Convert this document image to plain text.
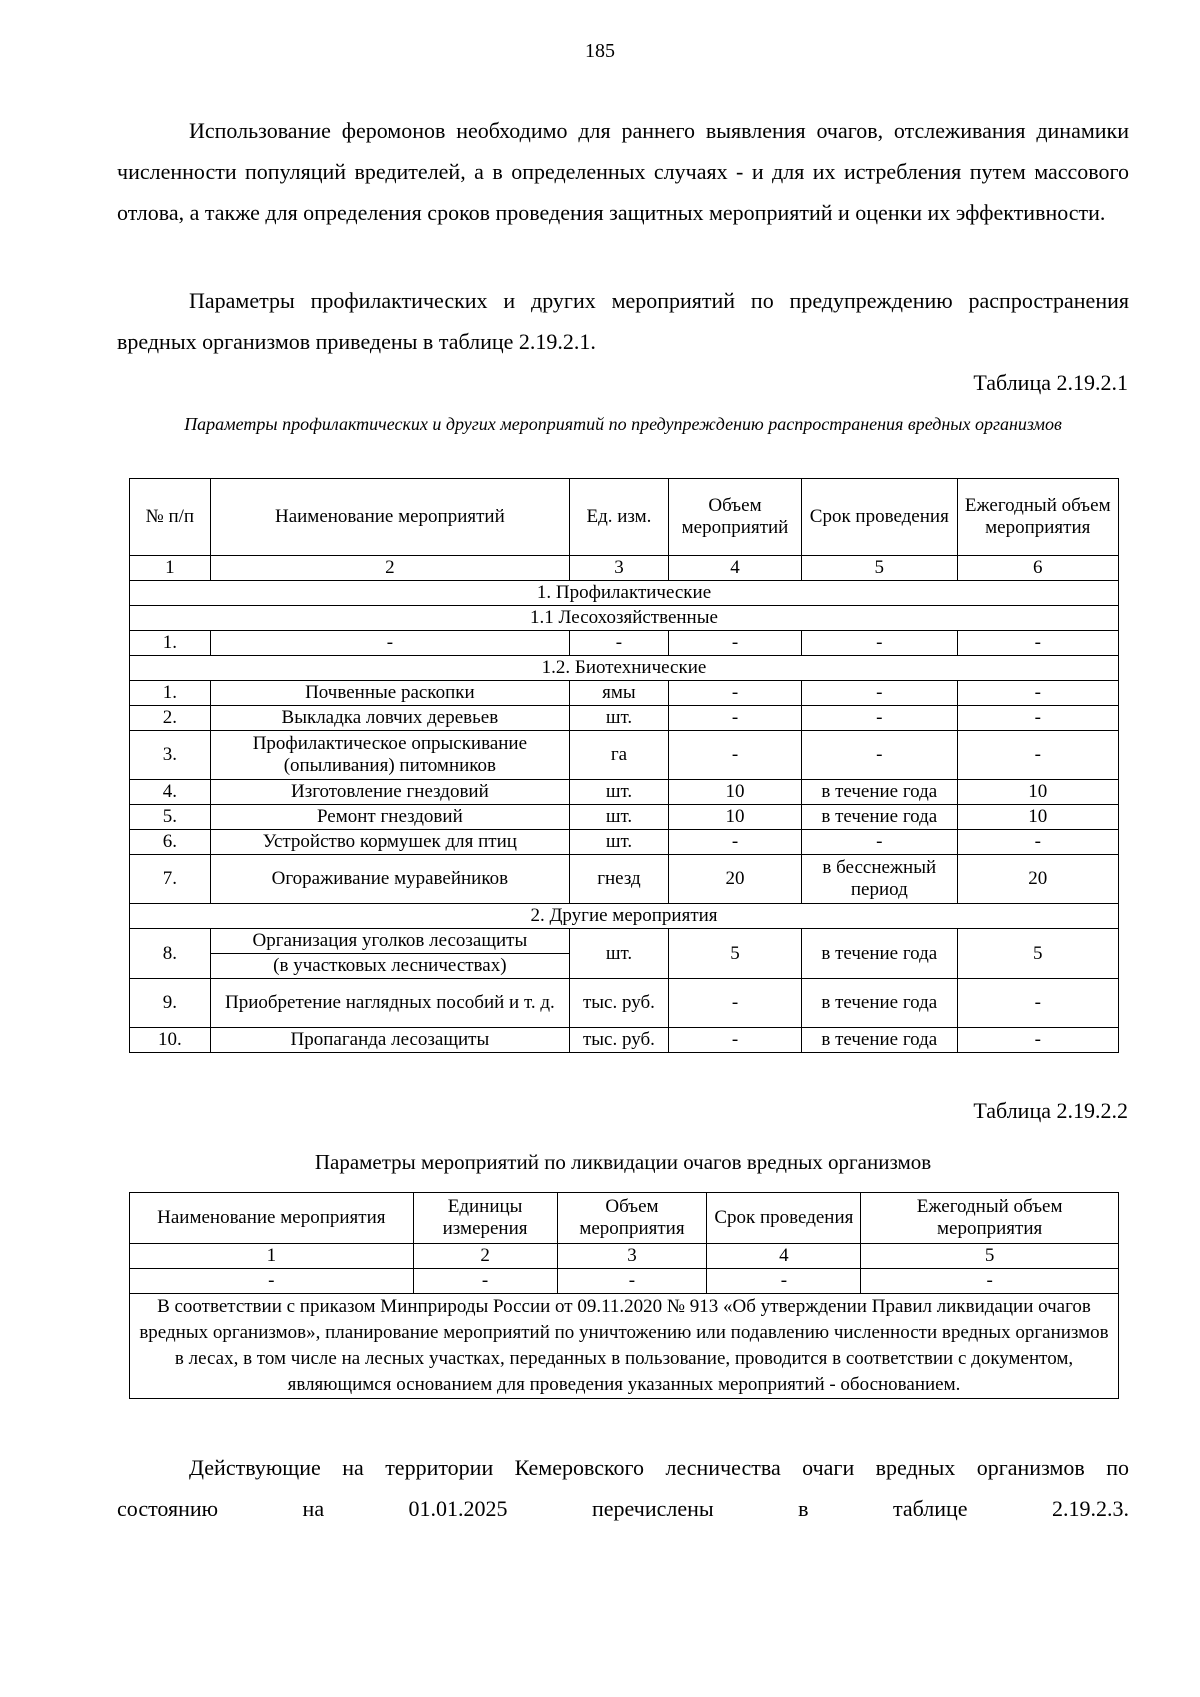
185
Использование феромонов необходимо для раннего выявления очагов, отслеживания динамики численности популяций вредителей, а в определенных случаях - и для их истребления путем массового отлова, а также для определения сроков проведения защитных мероприятий и оценки их эффективности.
Параметры профилактических и других мероприятий по предупреждению распространения вредных организмов приведены в таблице 2.19.2.1.
Таблица 2.19.2.1
Параметры профилактических и других мероприятий по предупреждению распространения вредных организмов
№ п/п	Наименование мероприятий	Ед. изм.	Объем мероприятий	Срок проведения	Ежегодный объем мероприятия
1	2	3	4	5	6
1. Профилактические					
1.1 Лесохозяйственные					
1.	-	-	-	-	-
1.2. Биотехнические					
1.	Почвенные раскопки	ямы	-	-	-
2.	Выкладка ловчих деревьев	шт.	-	-	-
3.	Профилактическое опрыскивание (опыливания) питомников	га	-	-	-
4.	Изготовление гнездовий	шт.	10	в течение года	10
5.	Ремонт гнездовий	шт.	10	в течение года	10
6.	Устройство кормушек для птиц	шт.	-	-	-
7.	Огораживание муравейников	гнезд	20	в бесснежный период	20
2. Другие мероприятия					
8.	Организация уголков лесозащиты	шт.	5	в течение года	5
	(в участковых лесничествах)				
9.	Приобретение наглядных пособий и т. д.	тыс. руб.	-	в течение года	-
10.	Пропаганда лесозащиты	тыс. руб.	-	в течение года	-
Таблица 2.19.2.2
Параметры мероприятий по ликвидации очагов вредных организмов
Наименование мероприятия	Единицы измерения	Объем мероприятия	Срок проведения	Ежегодный объем мероприятия
1	2	3	4	5
-	-	-	-	-
В соответствии с приказом Минприроды России от 09.11.2020 № 913 «Об утверждении Правил ликвидации очагов вредных организмов», планирование мероприятий по уничтожению или подавлению численности вредных организмов в лесах, в том числе на лесных участках, переданных в пользование, проводится в соответствии с документом, являющимся основанием для проведения указанных мероприятий - обоснованием.				
Действующие на территории Кемеровского лесничества очаги вредных организмов по
состоянию на 01.01.2025 перечислены в таблице 2.19.2.3.
